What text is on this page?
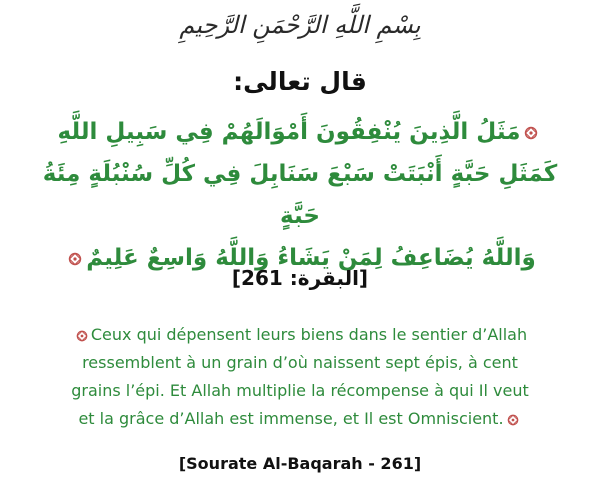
بِسْمِ اللَّهِ الرَّحْمَنِ الرَّحِيمِ
قال تعالى:
مَثَلُ الَّذِينَ يُنْفِقُونَ أَمْوَالَهُمْ فِي سَبِيلِ اللَّهِ
كَمَثَلِ حَبَّةٍ أَنْبَتَتْ سَبْعَ سَنَابِلَ فِي كُلِّ سُنْبُلَةٍ مِئَةُ حَبَّةٍ
وَاللَّهُ يُضَاعِفُ لِمَنْ يَشَاءُ وَاللَّهُ وَاسِعٌ عَلِيمٌ
[البقرة: 261]
Ceux qui dépensent leurs biens dans le sentier d’Allah
ressemblent à un grain d’où naissent sept épis, à cent
grains l’épi. Et Allah multiplie la récompense à qui Il veut
et la grâce d’Allah est immense, et Il est Omniscient.
[Sourate Al-Baqarah - 261]
